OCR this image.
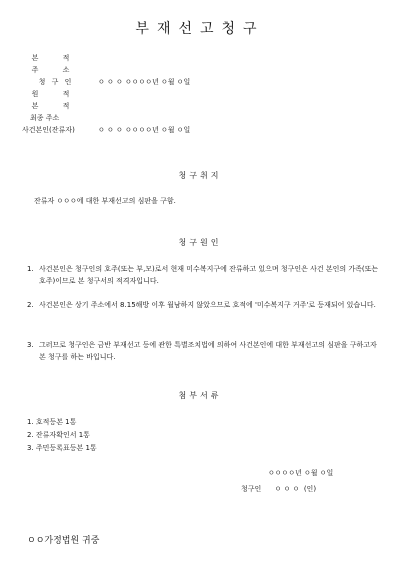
부재선고청구
본 적
주 소
청 구 인	ㅇ ㅇ ㅇ ㅇㅇㅇㅇ년 ㅇ월 ㅇ일
원 적
본 적
최종 주소
사건본인(잔류자)	ㅇ ㅇ ㅇ ㅇㅇㅇㅇ년 ㅇ월 ㅇ일
청구취지
잔류자 ㅇㅇㅇ에 대한 부재선고의 심판을 구함.
청구원인
1. 사건본인은 청구인의 호주(또는 부,모)로서 현재 미수복지구에 잔류하고 있으며 청구인은 사건 본인의 가족(또는 호주)이므로 본 청구서의 적격자입니다.
2. 사건본인은 상기 주소에서 8.15해방 이후 월남하지 않았으므로 호적에 '미수복지구 거주'로 등재되어 있습니다.
3. 그러므로 청구인은 금반 부재선고 등에 관한 특별조치법에 의하여 사건본인에 대한 부재선고의 심판을 구하고자 본 청구를 하는 바입니다.
첨부서류
1. 호적등본 1통
2. 잔류자확인서 1통
3. 주민등록표등본 1통
ㅇㅇㅇㅇ년 ㅇ월 ㅇ일
청구인      ㅇ ㅇ ㅇ  (인)
ㅇㅇ가정법원 귀중
